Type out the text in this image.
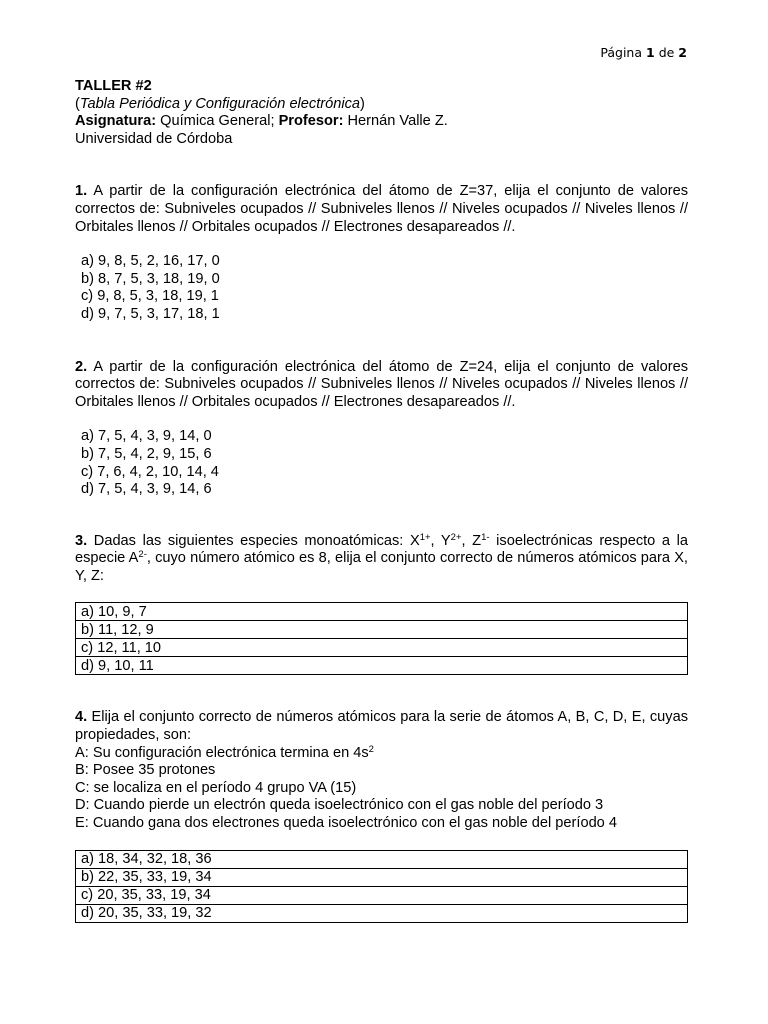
Página 1 de 2
TALLER #2
(Tabla Periódica y Configuración electrónica)
Asignatura: Química General; Profesor: Hernán Valle Z.
Universidad de Córdoba
1. A partir de la configuración electrónica del átomo de Z=37, elija el conjunto de valores correctos de: Subniveles ocupados // Subniveles llenos // Niveles ocupados // Niveles llenos // Orbitales llenos // Orbitales ocupados // Electrones desapareados //.
a) 9, 8, 5, 2, 16, 17, 0
b) 8, 7, 5, 3, 18, 19, 0
c) 9, 8, 5, 3, 18, 19, 1
d) 9, 7, 5, 3, 17, 18, 1
2. A partir de la configuración electrónica del átomo de Z=24, elija el conjunto de valores correctos de: Subniveles ocupados // Subniveles llenos // Niveles ocupados // Niveles llenos // Orbitales llenos // Orbitales ocupados // Electrones desapareados //.
a) 7, 5, 4, 3, 9, 14, 0
b) 7, 5, 4, 2, 9, 15, 6
c) 7, 6, 4, 2, 10, 14, 4
d) 7, 5, 4, 3, 9, 14, 6
3. Dadas las siguientes especies monoatómicas: $X^{1+}$, $Y^{2+}$, $Z^{1-}$ isoelectrónicas respecto a la especie $A^{2-}$, cuyo número atómico es 8, elija el conjunto correcto de números atómicos para X, Y, Z:
a) 10, 9, 7
b) 11, 12, 9
c) 12, 11, 10
d) 9, 10, 11
4. Elija el conjunto correcto de números atómicos para la serie de átomos A, B, C, D, E, cuyas propiedades, son:
A: Su configuración electrónica termina en $4s^2$
B: Posee 35 protones
C: se localiza en el período 4 grupo VA (15)
D: Cuando pierde un electrón queda isoelectrónico con el gas noble del período 3
E: Cuando gana dos electrones queda isoelectrónico con el gas noble del período 4
a) 18, 34, 32, 18, 36
b) 22, 35, 33, 19, 34
c) 20, 35, 33, 19, 34
d) 20, 35, 33, 19, 32
